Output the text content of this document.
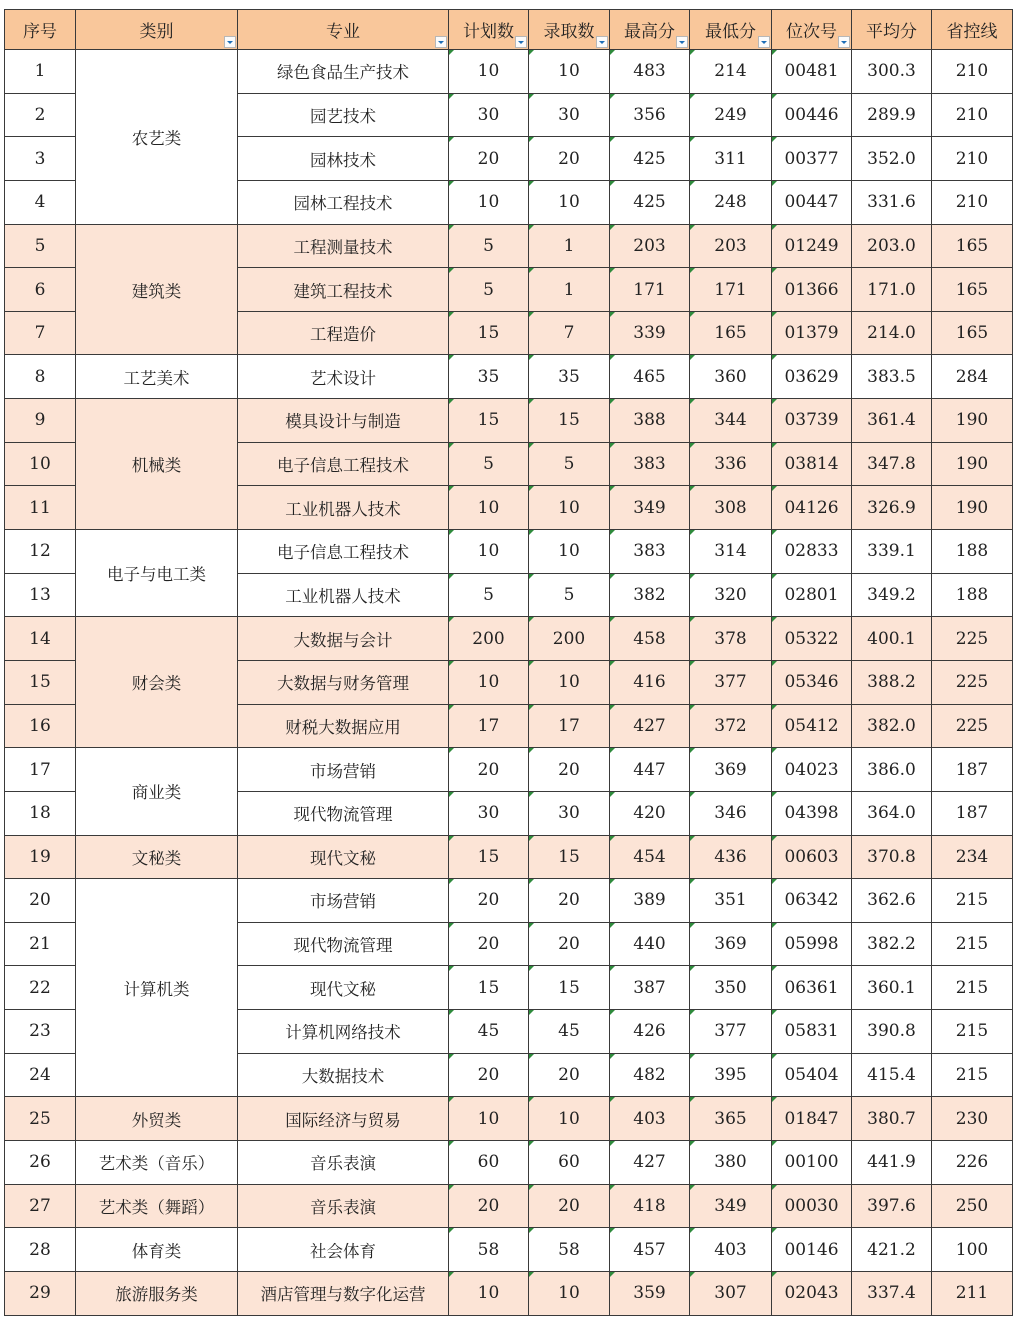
序号	类别	专业	计划数	录取数	最高分	最低分	位次号	平均分	省控线
1	农艺类	绿色食品生产技术	10	10	483	214	00481	300.3	210
2		园艺技术	30	30	356	249	00446	289.9	210
3		园林技术	20	20	425	311	00377	352.0	210
4		园林工程技术	10	10	425	248	00447	331.6	210
5	建筑类	工程测量技术	5	1	203	203	01249	203.0	165
6		建筑工程技术	5	1	171	171	01366	171.0	165
7		工程造价	15	7	339	165	01379	214.0	165
8	工艺美术	艺术设计	35	35	465	360	03629	383.5	284
9	机械类	模具设计与制造	15	15	388	344	03739	361.4	190
10		电子信息工程技术	5	5	383	336	03814	347.8	190
11		工业机器人技术	10	10	349	308	04126	326.9	190
12	电子与电工类	电子信息工程技术	10	10	383	314	02833	339.1	188
13		工业机器人技术	5	5	382	320	02801	349.2	188
14	财会类	大数据与会计	200	200	458	378	05322	400.1	225
15		大数据与财务管理	10	10	416	377	05346	388.2	225
16		财税大数据应用	17	17	427	372	05412	382.0	225
17	商业类	市场营销	20	20	447	369	04023	386.0	187
18		现代物流管理	30	30	420	346	04398	364.0	187
19	文秘类	现代文秘	15	15	454	436	00603	370.8	234
20	计算机类	市场营销	20	20	389	351	06342	362.6	215
21		现代物流管理	20	20	440	369	05998	382.2	215
22		现代文秘	15	15	387	350	06361	360.1	215
23		计算机网络技术	45	45	426	377	05831	390.8	215
24		大数据技术	20	20	482	395	05404	415.4	215
25	外贸类	国际经济与贸易	10	10	403	365	01847	380.7	230
26	艺术类（音乐）	音乐表演	60	60	427	380	00100	441.9	226
27	艺术类（舞蹈）	音乐表演	20	20	418	349	00030	397.6	250
28	体育类	社会体育	58	58	457	403	00146	421.2	100
29	旅游服务类	酒店管理与数字化运营	10	10	359	307	02043	337.4	211
